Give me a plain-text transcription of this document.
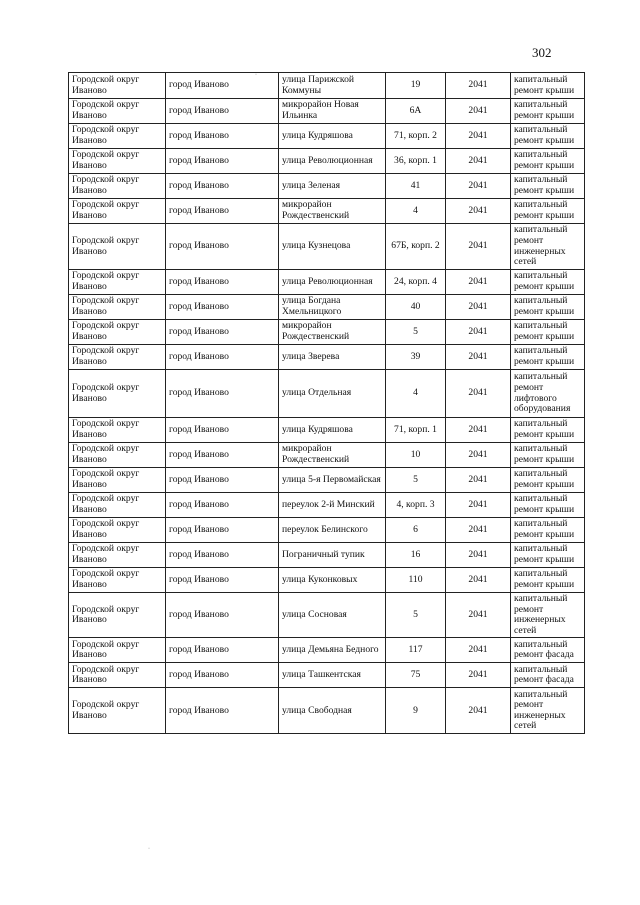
302
Городской округ Иваново	город Иваново	улица Парижской Коммуны	19	2041	капитальный ремонт крыши
Городской округ Иваново	город Иваново	микрорайон Новая Ильинка	6А	2041	капитальный ремонт крыши
Городской округ Иваново	город Иваново	улица Кудряшова	71, корп. 2	2041	капитальный ремонт крыши
Городской округ Иваново	город Иваново	улица Революционная	36, корп. 1	2041	капитальный ремонт крыши
Городской округ Иваново	город Иваново	улица Зеленая	41	2041	капитальный ремонт крыши
Городской округ Иваново	город Иваново	микрорайон Рождественский	4	2041	капитальный ремонт крыши
Городской округ Иваново	город Иваново	улица Кузнецова	67Б, корп. 2	2041	капитальный ремонт инженерных сетей
Городской округ Иваново	город Иваново	улица Революционная	24, корп. 4	2041	капитальный ремонт крыши
Городской округ Иваново	город Иваново	улица Богдана Хмельницкого	40	2041	капитальный ремонт крыши
Городской округ Иваново	город Иваново	микрорайон Рождественский	5	2041	капитальный ремонт крыши
Городской округ Иваново	город Иваново	улица Зверева	39	2041	капитальный ремонт крыши
Городской округ Иваново	город Иваново	улица Отдельная	4	2041	капитальный ремонт лифтового оборудования
Городской округ Иваново	город Иваново	улица Кудряшова	71, корп. 1	2041	капитальный ремонт крыши
Городской округ Иваново	город Иваново	микрорайон Рождественский	10	2041	капитальный ремонт крыши
Городской округ Иваново	город Иваново	улица 5-я Первомайская	5	2041	капитальный ремонт крыши
Городской округ Иваново	город Иваново	переулок 2-й Минский	4, корп. 3	2041	капитальный ремонт крыши
Городской округ Иваново	город Иваново	переулок Белинского	6	2041	капитальный ремонт крыши
Городской округ Иваново	город Иваново	Пограничный тупик	16	2041	капитальный ремонт крыши
Городской округ Иваново	город Иваново	улица Куконковых	110	2041	капитальный ремонт крыши
Городской округ Иваново	город Иваново	улица Сосновая	5	2041	капитальный ремонт инженерных сетей
Городской округ Иваново	город Иваново	улица Демьяна Бедного	117	2041	капитальный ремонт фасада
Городской округ Иваново	город Иваново	улица Ташкентская	75	2041	капитальный ремонт фасада
Городской округ Иваново	город Иваново	улица Свободная	9	2041	капитальный ремонт инженерных сетей
·
·
